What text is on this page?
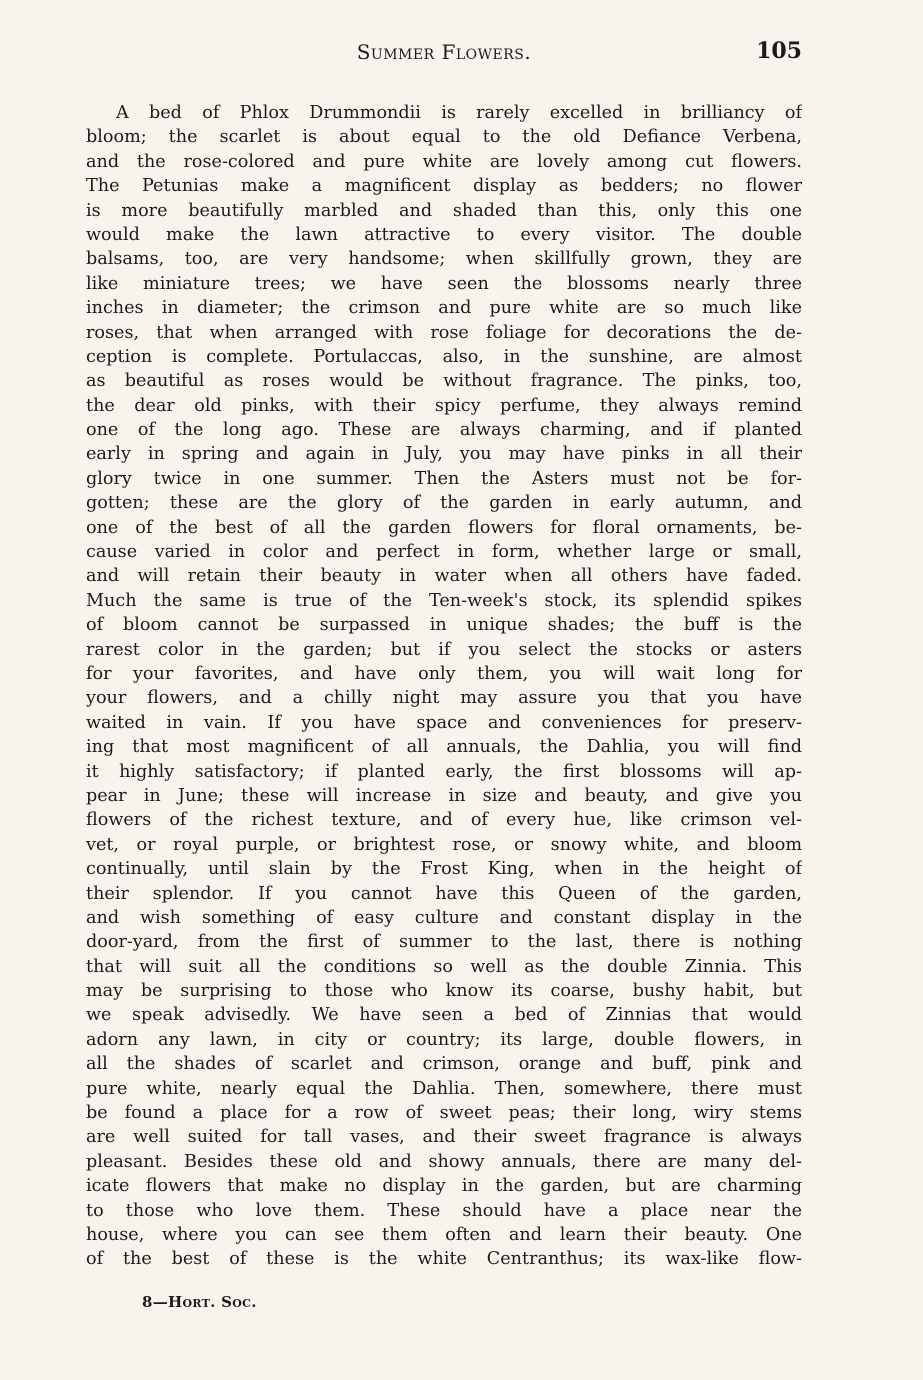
Summer Flowers.	105
A bed of Phlox Drummondii is rarely excelled in brilliancy of
bloom; the scarlet is about equal to the old Defiance Verbena,
and the rose-colored and pure white are lovely among cut flowers.
The Petunias make a magnificent display as bedders; no flower
is more beautifully marbled and shaded than this, only this one
would make the lawn attractive to every visitor. The double
balsams, too, are very handsome; when skillfully grown, they are
like miniature trees; we have seen the blossoms nearly three
inches in diameter; the crimson and pure white are so much like
roses, that when arranged with rose foliage for decorations the de-
ception is complete. Portulaccas, also, in the sunshine, are almost
as beautiful as roses would be without fragrance. The pinks, too,
the dear old pinks, with their spicy perfume, they always remind
one of the long ago. These are always charming, and if planted
early in spring and again in July, you may have pinks in all their
glory twice in one summer. Then the Asters must not be for-
gotten; these are the glory of the garden in early autumn, and
one of the best of all the garden flowers for floral ornaments, be-
cause varied in color and perfect in form, whether large or small,
and will retain their beauty in water when all others have faded.
Much the same is true of the Ten-week's stock, its splendid spikes
of bloom cannot be surpassed in unique shades; the buff is the
rarest color in the garden; but if you select the stocks or asters
for your favorites, and have only them, you will wait long for
your flowers, and a chilly night may assure you that you have
waited in vain. If you have space and conveniences for preserv-
ing that most magnificent of all annuals, the Dahlia, you will find
it highly satisfactory; if planted early, the first blossoms will ap-
pear in June; these will increase in size and beauty, and give you
flowers of the richest texture, and of every hue, like crimson vel-
vet, or royal purple, or brightest rose, or snowy white, and bloom
continually, until slain by the Frost King, when in the height of
their splendor. If you cannot have this Queen of the garden,
and wish something of easy culture and constant display in the
door-yard, from the first of summer to the last, there is nothing
that will suit all the conditions so well as the double Zinnia. This
may be surprising to those who know its coarse, bushy habit, but
we speak advisedly. We have seen a bed of Zinnias that would
adorn any lawn, in city or country; its large, double flowers, in
all the shades of scarlet and crimson, orange and buff, pink and
pure white, nearly equal the Dahlia. Then, somewhere, there must
be found a place for a row of sweet peas; their long, wiry stems
are well suited for tall vases, and their sweet fragrance is always
pleasant. Besides these old and showy annuals, there are many del-
icate flowers that make no display in the garden, but are charming
to those who love them. These should have a place near the
house, where you can see them often and learn their beauty. One
of the best of these is the white Centranthus; its wax-like flow-
8—Hort. Soc.
